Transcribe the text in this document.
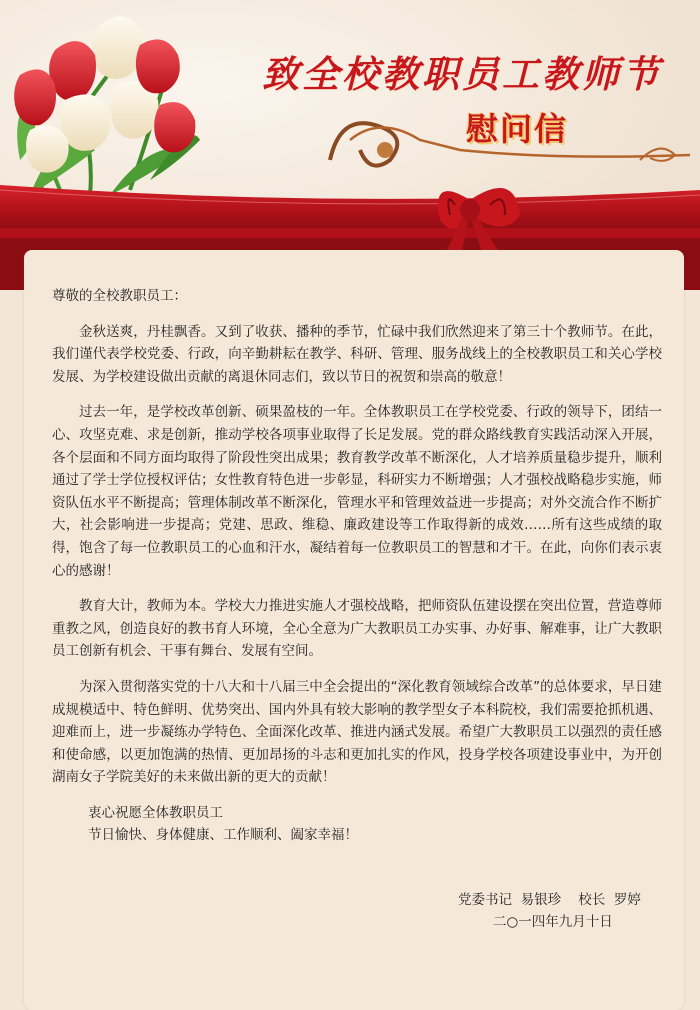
致全校教职员工教师节
慰问信

尊敬的全校教职员工：

金秋送爽，丹桂飘香。又到了收获、播种的季节，忙碌中我们欣然迎来了第三十个教师节。在此，我们谨代表学校党委、行政，向辛勤耕耘在教学、科研、管理、服务战线上的全校教职员工和关心学校发展、为学校建设做出贡献的离退休同志们，致以节日的祝贺和崇高的敬意！

过去一年，是学校改革创新、硕果盈枝的一年。全体教职员工在学校党委、行政的领导下，团结一心、攻坚克难、求是创新，推动学校各项事业取得了长足发展。党的群众路线教育实践活动深入开展，各个层面和不同方面均取得了阶段性突出成果；教育教学改革不断深化，人才培养质量稳步提升，顺利通过了学士学位授权评估；女性教育特色进一步彰显，科研实力不断增强；人才强校战略稳步实施，师资队伍水平不断提高；管理体制改革不断深化，管理水平和管理效益进一步提高；对外交流合作不断扩大，社会影响进一步提高；党建、思政、维稳、廉政建设等工作取得新的成效……所有这些成绩的取得，饱含了每一位教职员工的心血和汗水，凝结着每一位教职员工的智慧和才干。在此，向你们表示衷心的感谢！

教育大计，教师为本。学校大力推进实施人才强校战略，把师资队伍建设摆在突出位置，营造尊师重教之风，创造良好的教书育人环境，全心全意为广大教职员工办实事、办好事、解难事，让广大教职员工创新有机会、干事有舞台、发展有空间。

为深入贯彻落实党的十八大和十八届三中全会提出的“深化教育领域综合改革”的总体要求，早日建成规模适中、特色鲜明、优势突出、国内外具有较大影响的教学型女子本科院校，我们需要抢抓机遇、迎难而上，进一步凝练办学特色、全面深化改革、推进内涵式发展。希望广大教职员工以强烈的责任感和使命感，以更加饱满的热情、更加昂扬的斗志和更加扎实的作风，投身学校各项建设事业中，为开创湖南女子学院美好的未来做出新的更大的贡献！

衷心祝愿全体教职员工

节日愉快、身体健康、工作顺利、阖家幸福！

党委书记  易银珍    校长  罗婷
二○一四年九月十日
